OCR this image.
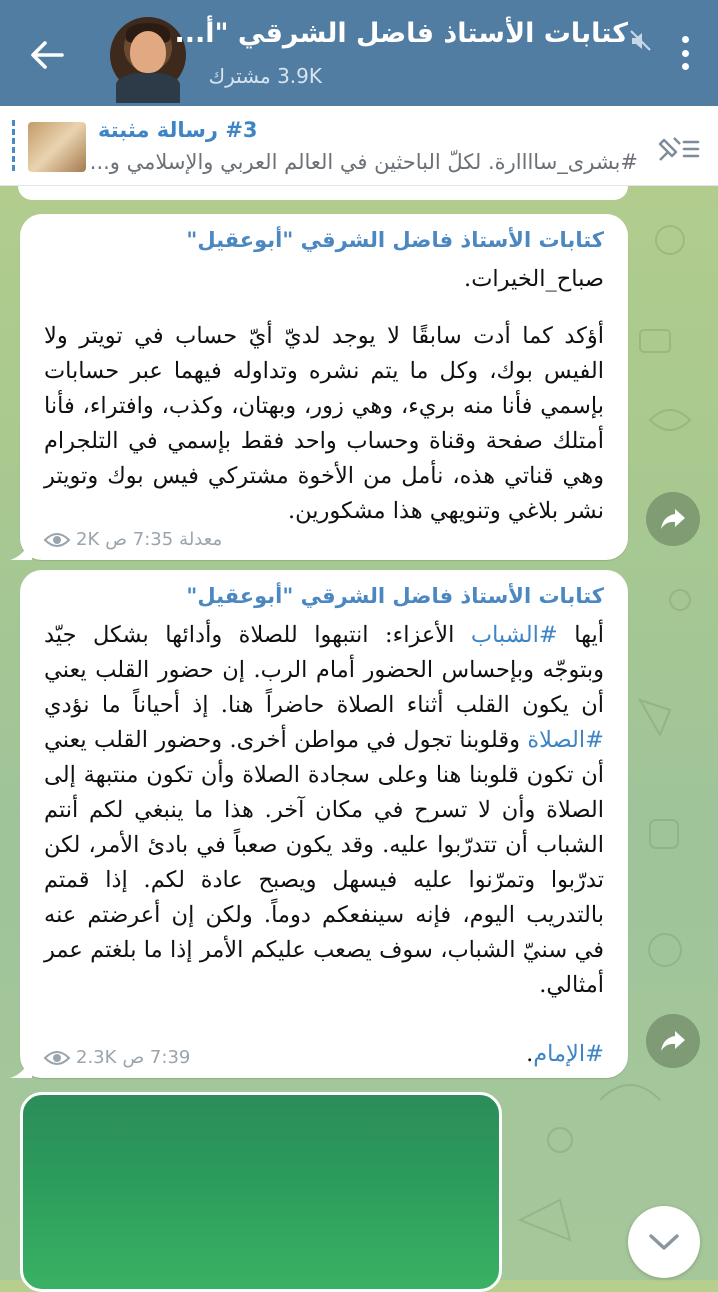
كتابات الأستاذ فاضل الشرقي "أ...
3.9K مشترك
#3 رسالة مثبتة
#بشرى_ساااارة. لكلّ الباحثين في العالم العربي والإسلامي و...
كتابات الأستاذ فاضل الشرقي "أبوعقيل"
صباح_الخيرات.
أؤكد كما أدت سابقًا لا يوجد لديّ أيّ حساب في تويتر ولا الفيس بوك، وكل ما يتم نشره وتداوله فيهما عبر حسابات بإسمي فأنا منه بريء، وهي زور، وبهتان، وكذب، وافتراء، فأنا أمتلك صفحة وقناة وحساب واحد فقط بإسمي في التلجرام وهي قناتي هذه، نأمل من الأخوة مشتركي فيس بوك وتويتر نشر بلاغي وتنويهي هذا مشكورين.
2K 7:35 ص معدلة
كتابات الأستاذ فاضل الشرقي "أبوعقيل"
أيها #الشباب الأعزاء: انتبهوا للصلاة وأدائها بشكل جيّد وبتوجّه وبإحساس الحضور أمام الرب. إن حضور القلب يعني أن يكون القلب أثناء الصلاة حاضراً هنا. إذ أحياناً ما نؤدي #الصلاة وقلوبنا تجول في مواطن أخرى. وحضور القلب يعني أن تكون قلوبنا هنا وعلى سجادة الصلاة وأن تكون منتبهة إلى الصلاة وأن لا تسرح في مكان آخر. هذا ما ينبغي لكم أنتم الشباب أن تتدرّبوا عليه. وقد يكون صعباً في بادئ الأمر، لكن تدرّبوا وتمرّنوا عليه فيسهل ويصبح عادة لكم. إذا قمتم بالتدريب اليوم، فإنه سينفعكم دوماً. ولكن إن أعرضتم عنه في سنيّ الشباب، سوف يصعب عليكم الأمر إذا ما بلغتم عمر أمثالي.
#الإمام.
2.3K 7:39 ص
